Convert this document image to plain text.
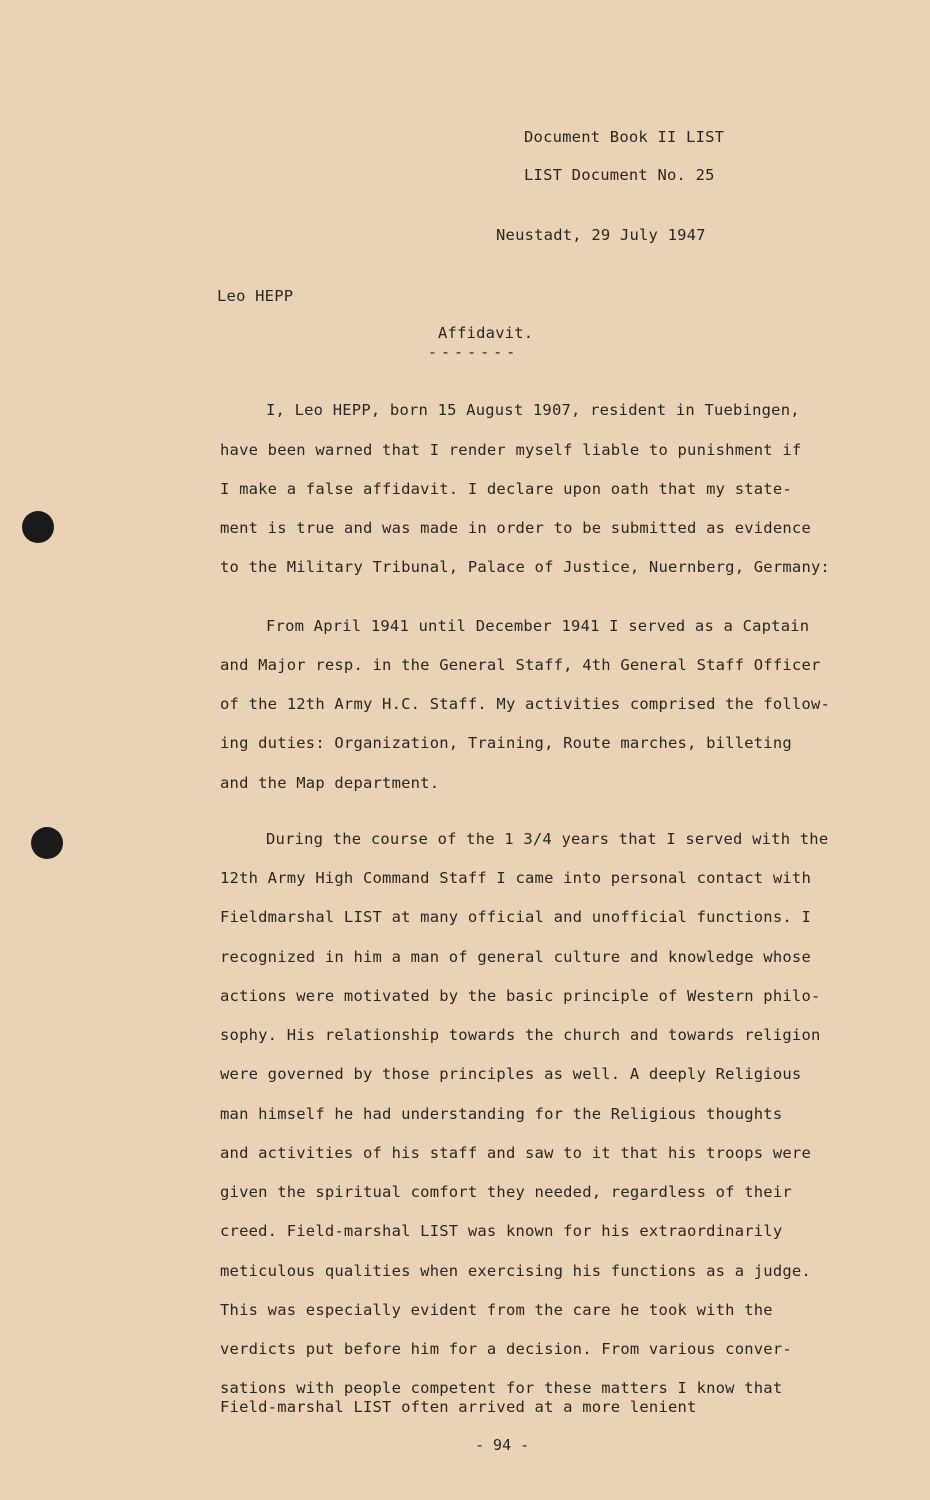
Document Book II LIST
LIST Document No. 25
Neustadt, 29 July 1947
Leo HEPP
Affidavit.
-------
I, Leo HEPP, born 15 August 1907, resident in Tuebingen,
have been warned that I render myself liable to punishment if
I make a false affidavit. I declare upon oath that my state-
ment is true and was made in order to be submitted as evidence
to the Military Tribunal, Palace of Justice, Nuernberg, Germany:
From April 1941 until December 1941 I served as a Captain
and Major resp. in the General Staff, 4th General Staff Officer
of the 12th Army H.C. Staff. My activities comprised the follow-
ing duties: Organization, Training, Route marches, billeting
and the Map department.
During the course of the 1 3/4 years that I served with the
12th Army High Command Staff I came into personal contact with
Fieldmarshal LIST at many official and unofficial functions. I
recognized in him a man of general culture and knowledge whose
actions were motivated by the basic principle of Western philo-
sophy. His relationship towards the church and towards religion
were governed by those principles as well. A deeply Religious
man himself he had understanding for the Religious thoughts
and activities of his staff and saw to it that his troops were
given the spiritual comfort they needed, regardless of their
creed. Field-marshal LIST was known for his extraordinarily
meticulous qualities when exercising his functions as a judge.
This was especially evident from the care he took with the
verdicts put before him for a decision. From various conver-
sations with people competent for these matters I know that
Field-marshal LIST often arrived at a more lenient
- 94 -
